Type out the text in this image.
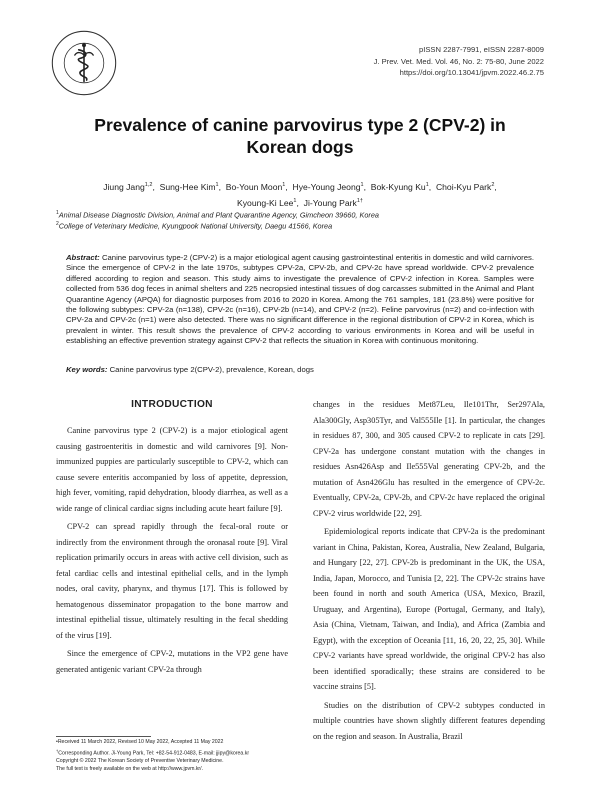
pISSN 2287-7991, eISSN 2287-8009
J. Prev. Vet. Med. Vol. 46, No. 2: 75-80, June 2022
https://doi.org/10.13041/jpvm.2022.46.2.75
Prevalence of canine parvovirus type 2 (CPV-2) in
Korean dogs
Jiung Jang$^{1,2}$,  Sung-Hee Kim$^1$,  Bo-Youn Moon$^1$,  Hye-Young Jeong$^1$,  Bok-Kyung Ku$^1$,  Choi-Kyu Park$^2$,
Kyoung-Ki Lee$^1$,  Ji-Young Park$^{1\dagger}$
$^1$Animal Disease Diagnostic Division, Animal and Plant Quarantine Agency, Gimcheon 39660, Korea
$^2$College of Veterinary Medicine, Kyungpook National University, Daegu 41566, Korea

Abstract: Canine parvovirus type-2 (CPV-2) is a major etiological agent causing gastrointestinal enteritis in domestic and wild carnivores. Since the emergence of CPV-2 in the late 1970s, subtypes CPV-2a, CPV-2b, and CPV-2c have spread worldwide. CPV-2 prevalence differed according to region and season. This study aims to investigate the prevalence of CPV-2 infection in Korea. Samples were collected from 536 dog feces in animal shelters and 225 necropsied intestinal tissues of dog carcasses submitted in the Animal and Plant Quarantine Agency (APQA) for diagnostic purposes from 2016 to 2020 in Korea. Among the 761 samples, 181 (23.8%) were positive for the following subtypes: CPV-2a (n=138), CPV-2c (n=16), CPV-2b (n=14), and CPV-2 (n=2). Feline parvovirus (n=2) and co-infection with CPV-2a and CPV-2c (n=1) were also detected. There was no significant difference in the regional distribution of CPV-2 in Korea, which is prevalent in winter. This result shows the prevalence of CPV-2 according to various environments in Korea and will be useful in establishing an effective prevention strategy against CPV-2 that reflects the situation in Korea with continuous monitoring.

Key words: Canine parvovirus type 2(CPV-2), prevalence, Korean, dogs

INTRODUCTION

Canine parvovirus type 2 (CPV-2) is a major etiological agent causing gastroenteritis in domestic and wild carnivores [9]. Non-immunized puppies are particularly susceptible to CPV-2, which can cause severe enteritis accompanied by loss of appetite, depression, high fever, vomiting, rapid dehydration, bloody diarrhea, as well as a wide range of clinical cardiac signs including acute heart failure [9].

CPV-2 can spread rapidly through the fecal-oral route or indirectly from the environment through the oronasal route [9]. Viral replication primarily occurs in areas with active cell division, such as fetal cardiac cells and intestinal epithelial cells, and in the lymph nodes, oral cavity, pharynx, and thymus [17]. This is followed by hematogenous disseminator propagation to the bone marrow and intestinal epithelial tissue, ultimately resulting in the fecal shedding of the virus [19].

Since the emergence of CPV-2, mutations in the VP2 gene have generated antigenic variant CPV-2a through

changes in the residues Met87Leu, Ile101Thr, Ser297Ala, Ala300Gly, Asp305Tyr, and Val555Ile [1]. In particular, the changes in residues 87, 300, and 305 caused CPV-2 to replicate in cats [29]. CPV-2a has undergone constant mutation with the changes in residues Asn426Asp and Ile555Val generating CPV-2b, and the mutation of Asn426Glu has resulted in the emergence of CPV-2c. Eventually, CPV-2a, CPV-2b, and CPV-2c have replaced the original CPV-2 virus worldwide [22, 29].

Epidemiological reports indicate that CPV-2a is the predominant variant in China, Pakistan, Korea, Australia, New Zealand, Bulgaria, and Hungary [22, 27]. CPV-2b is predominant in the UK, the USA, India, Japan, Morocco, and Tunisia [2, 22]. The CPV-2c strains have been found in north and south America (USA, Mexico, Brazil, Uruguay, and Argentina), Europe (Portugal, Germany, and Italy), Asia (China, Vietnam, Taiwan, and India), and Africa (Zambia and Egypt), with the exception of Oceania [11, 16, 20, 22, 25, 30]. While CPV-2 variants have spread worldwide, the original CPV-2 has also been identified sporadically; these strains are considered to be vaccine strains [5].

Studies on the distribution of CPV-2 subtypes conducted in multiple countries have shown slightly different features depending on the region and season. In Australia, Brazil

•Received 11 March 2022, Revised 10 May 2022, Accepted 11 May 2022
†Corresponding Author. Ji-Young Park, Tel: +82-54-912-0483, E-mail: jjipy@korea.kr
Copyright © 2022 The Korean Society of Preventive Veterinary Medicine.
The full text is freely available on the web at http://www.jpvm.kr/.
